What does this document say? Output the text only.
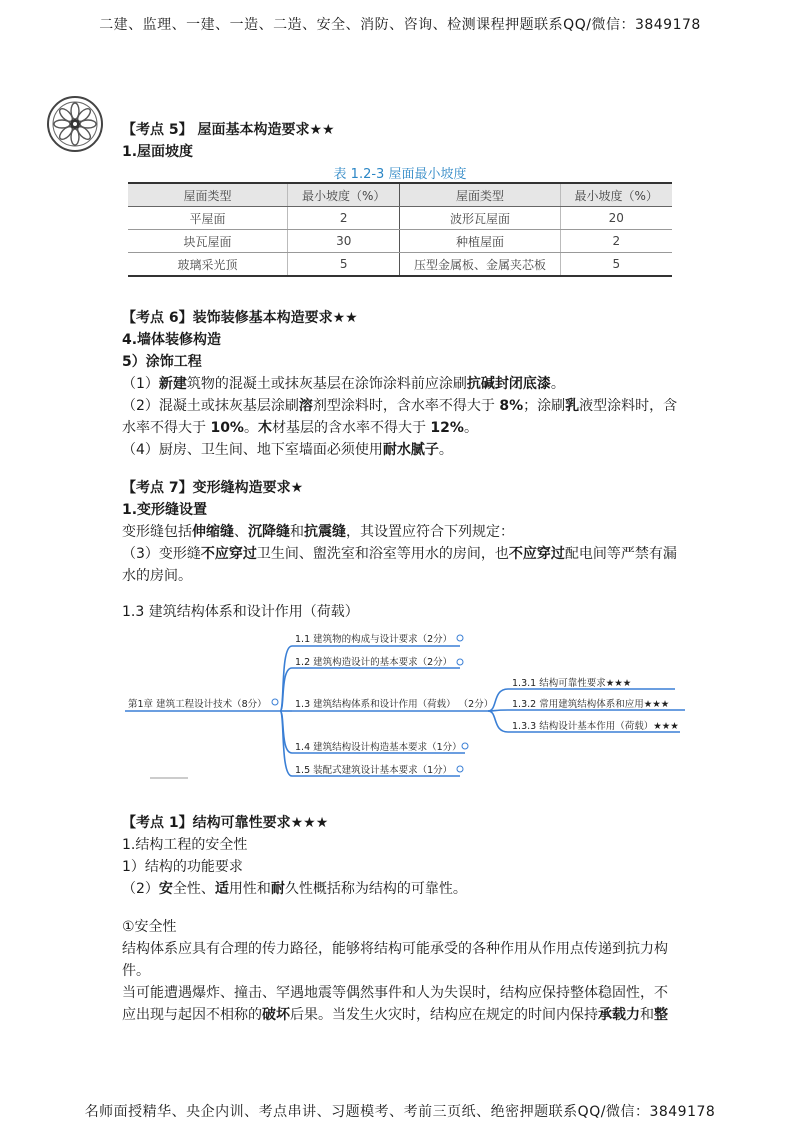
二建、监理、一建、一造、二造、安全、消防、咨询、检测课程押题联系QQ/微信：3849178
名师面授精华、央企内训、考点串讲、习题模考、考前三页纸、绝密押题联系QQ/微信：3849178
【考点 5】 屋面基本构造要求★★
1.屋面坡度
表 1.2-3 屋面最小坡度
屋面类型	最小坡度（%）	屋面类型	最小坡度（%）
平屋面	2	波形瓦屋面	20
块瓦屋面	30	种植屋面	2
玻璃采光顶	5	压型金属板、金属夹芯板	5
【考点 6】装饰装修基本构造要求★★
4.墙体装修构造
5）涂饰工程
（1）新建筑物的混凝土或抹灰基层在涂饰涂料前应涂刷抗碱封闭底漆。
（2）混凝土或抹灰基层涂刷溶剂型涂料时，含水率不得大于 8%；涂刷乳液型涂料时，含
水率不得大于 10%。木材基层的含水率不得大于 12%。
（4）厨房、卫生间、地下室墙面必须使用耐水腻子。
【考点 7】变形缝构造要求★
1.变形缝设置
变形缝包括伸缩缝、沉降缝和抗震缝，其设置应符合下列规定：
（3）变形缝不应穿过卫生间、盥洗室和浴室等用水的房间，也不应穿过配电间等严禁有漏
水的房间。
1.3 建筑结构体系和设计作用（荷载）
第1章 建筑工程设计技术（8分）
1.1 建筑物的构成与设计要求（2分）
1.2 建筑构造设计的基本要求（2分）
1.3 建筑结构体系和设计作用（荷载） （2分）
1.4 建筑结构设计构造基本要求（1分）
1.5 装配式建筑设计基本要求（1分）
1.3.1 结构可靠性要求★★★
1.3.2 常用建筑结构体系和应用★★★
1.3.3 结构设计基本作用（荷载）★★★
【考点 1】结构可靠性要求★★★
1.结构工程的安全性
1）结构的功能要求
（2）安全性、适用性和耐久性概括称为结构的可靠性。
①安全性
结构体系应具有合理的传力路径，能够将结构可能承受的各种作用从作用点传递到抗力构
件。
当可能遭遇爆炸、撞击、罕遇地震等偶然事件和人为失误时，结构应保持整体稳固性，不
应出现与起因不相称的破坏后果。当发生火灾时，结构应在规定的时间内保持承载力和整
